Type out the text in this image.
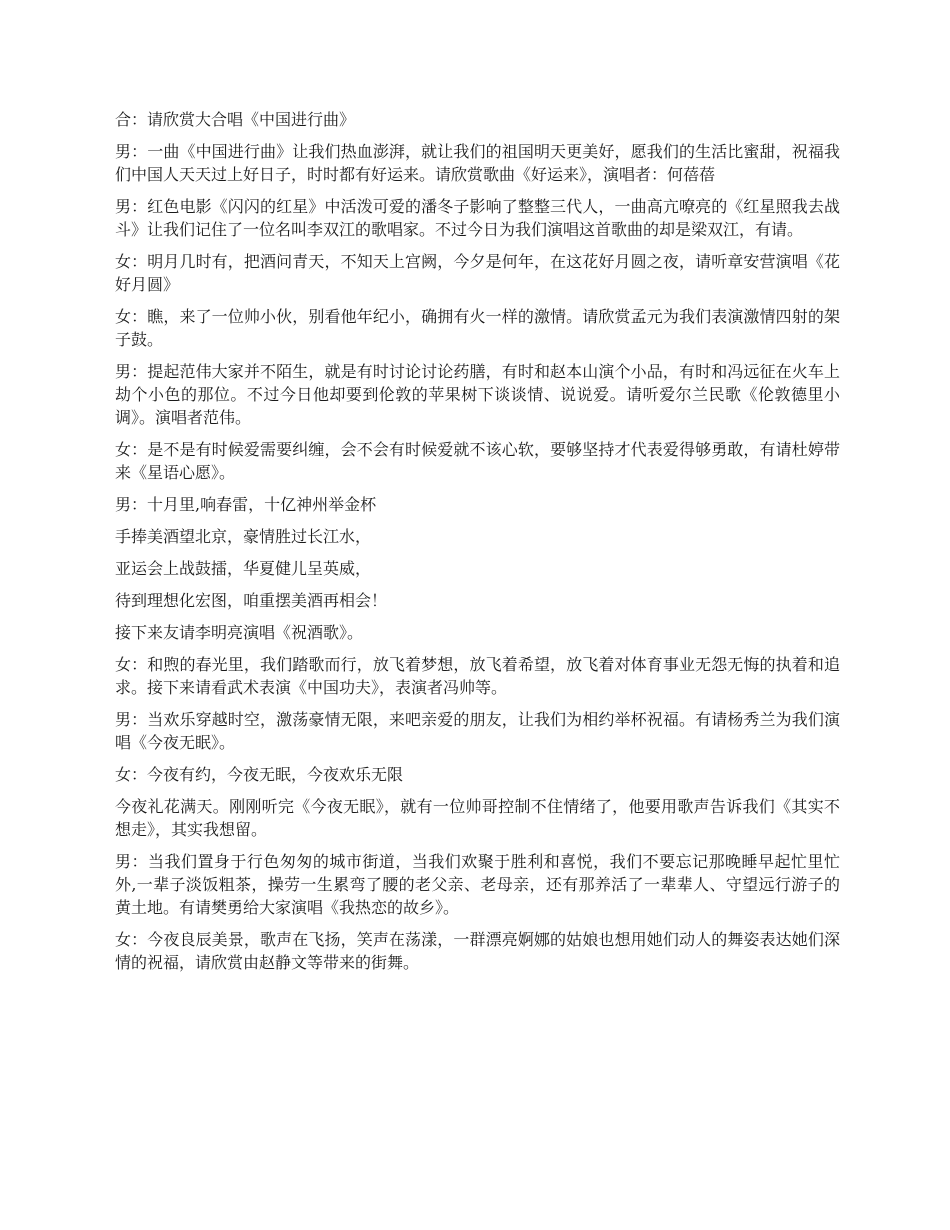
合：请欣赏大合唱《中国进行曲》

男：一曲《中国进行曲》让我们热血澎湃，就让我们的祖国明天更美好，愿我们的生活比蜜甜，祝福我们中国人天天过上好日子，时时都有好运来。请欣赏歌曲《好运来》，演唱者：何蓓蓓

男：红色电影《闪闪的红星》中活泼可爱的潘冬子影响了整整三代人，一曲高亢嘹亮的《红星照我去战斗》让我们记住了一位名叫李双江的歌唱家。不过今日为我们演唱这首歌曲的却是梁双江，有请。

女：明月几时有，把酒问青天，不知天上宫阙，今夕是何年，在这花好月圆之夜，请听章安营演唱《花好月圆》

女：瞧，来了一位帅小伙，别看他年纪小，确拥有火一样的激情。请欣赏孟元为我们表演激情四射的架子鼓。

男：提起范伟大家并不陌生，就是有时讨论讨论药膳，有时和赵本山演个小品，有时和冯远征在火车上劫个小色的那位。不过今日他却要到伦敦的苹果树下谈谈情、说说爱。请听爱尔兰民歌《伦敦德里小调》。演唱者范伟。

女：是不是有时候爱需要纠缠，会不会有时候爱就不该心软，要够坚持才代表爱得够勇敢，有请杜婷带来《星语心愿》。

男：十月里,响春雷，十亿神州举金杯

手捧美酒望北京，豪情胜过长江水，

亚运会上战鼓擂，华夏健儿呈英威，

待到理想化宏图，咱重摆美酒再相会！

接下来友请李明亮演唱《祝酒歌》。

女：和煦的春光里，我们踏歌而行，放飞着梦想，放飞着希望，放飞着对体育事业无怨无悔的执着和追求。接下来请看武术表演《中国功夫》，表演者冯帅等。

男：当欢乐穿越时空，激荡豪情无限，来吧亲爱的朋友，让我们为相约举杯祝福。有请杨秀兰为我们演唱《今夜无眠》。

女：今夜有约，今夜无眠，今夜欢乐无限

今夜礼花满天。刚刚听完《今夜无眠》，就有一位帅哥控制不住情绪了，他要用歌声告诉我们《其实不想走》，其实我想留。

男：当我们置身于行色匆匆的城市街道，当我们欢聚于胜利和喜悦，我们不要忘记那晚睡早起忙里忙外,一辈子淡饭粗茶，操劳一生累弯了腰的老父亲、老母亲，还有那养活了一辈辈人、守望远行游子的黄土地。有请樊勇给大家演唱《我热恋的故乡》。

女：今夜良辰美景，歌声在飞扬，笑声在荡漾，一群漂亮婀娜的姑娘也想用她们动人的舞姿表达她们深情的祝福，请欣赏由赵静文等带来的街舞。
